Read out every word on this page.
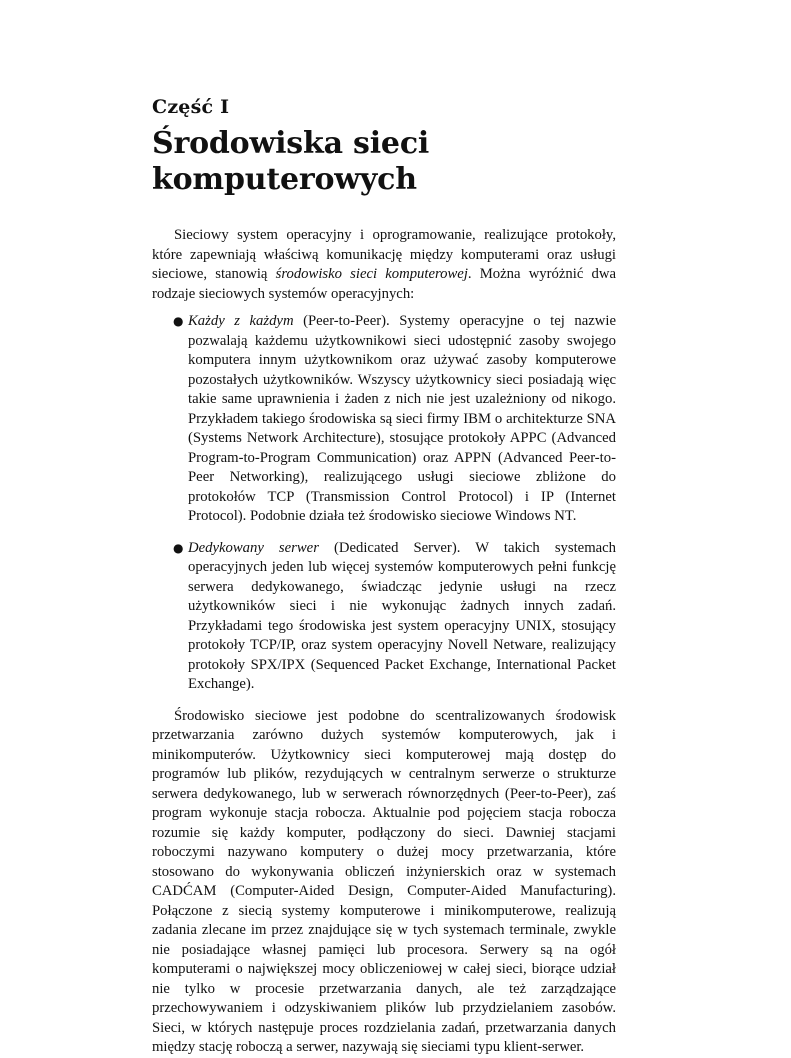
Część I
Środowiska sieci komputerowych

Sieciowy system operacyjny i oprogramowanie, realizujące protokoły, które zapewniają właściwą komunikację między komputerami oraz usługi sieciowe, stanowią środowisko sieci komputerowej. Można wyróżnić dwa rodzaje sieciowych systemów operacyjnych:

● Każdy z każdym (Peer-to-Peer). Systemy operacyjne o tej nazwie pozwalają każdemu użytkownikowi sieci udostępnić zasoby swojego komputera innym użytkownikom oraz używać zasoby komputerowe pozostałych użytkowników. Wszyscy użytkownicy sieci posiadają więc takie same uprawnienia i żaden z nich nie jest uzależniony od nikogo. Przykładem takiego środowiska są sieci firmy IBM o architekturze SNA (Systems Network Architecture), stosujące protokoły APPC (Advanced Program-to-Program Communication) oraz APPN (Advanced Peer-to-Peer Networking), realizującego usługi sieciowe zbliżone do protokołów TCP (Transmission Control Protocol) i IP (Internet Protocol). Podobnie działa też środowisko sieciowe Windows NT.
● Dedykowany serwer (Dedicated Server). W takich systemach operacyjnych jeden lub więcej systemów komputerowych pełni funkcję serwera dedykowanego, świadcząc jedynie usługi na rzecz użytkowników sieci i nie wykonując żadnych innych zadań. Przykładami tego środowiska jest system operacyjny UNIX, stosujący protokoły TCP/IP, oraz system operacyjny Novell Netware, realizujący protokoły SPX/IPX (Sequenced Packet Exchange, International Packet Exchange).

Środowisko sieciowe jest podobne do scentralizowanych środowisk przetwarzania zarówno dużych systemów komputerowych, jak i minikomputerów. Użytkownicy sieci komputerowej mają dostęp do programów lub plików, rezydujących w centralnym serwerze o strukturze serwera dedykowanego, lub w serwerach równorzędnych (Peer-to-Peer), zaś program wykonuje stacja robocza. Aktualnie pod pojęciem stacja robocza rozumie się każdy komputer, podłączony do sieci. Dawniej stacjami roboczymi nazywano komputery o dużej mocy przetwarzania, które stosowano do wykonywania obliczeń inżynierskich oraz w systemach CADĆAM (Computer-Aided Design, Computer-Aided Manufacturing). Połączone z siecią systemy komputerowe i minikomputerowe, realizują zadania zlecane im przez znajdujące się w tych systemach terminale, zwykle nie posiadające własnej pamięci lub procesora. Serwery są na ogół komputerami o największej mocy obliczeniowej w całej sieci, biorące udział nie tylko w procesie przetwarzania danych, ale też zarządzające przechowywaniem i odzyskiwaniem plików lub przydzielaniem zasobów. Sieci, w których następuje proces rozdzielania zadań, przetwarzania danych między stację roboczą a serwer, nazywają się sieciami typu klient-serwer.
